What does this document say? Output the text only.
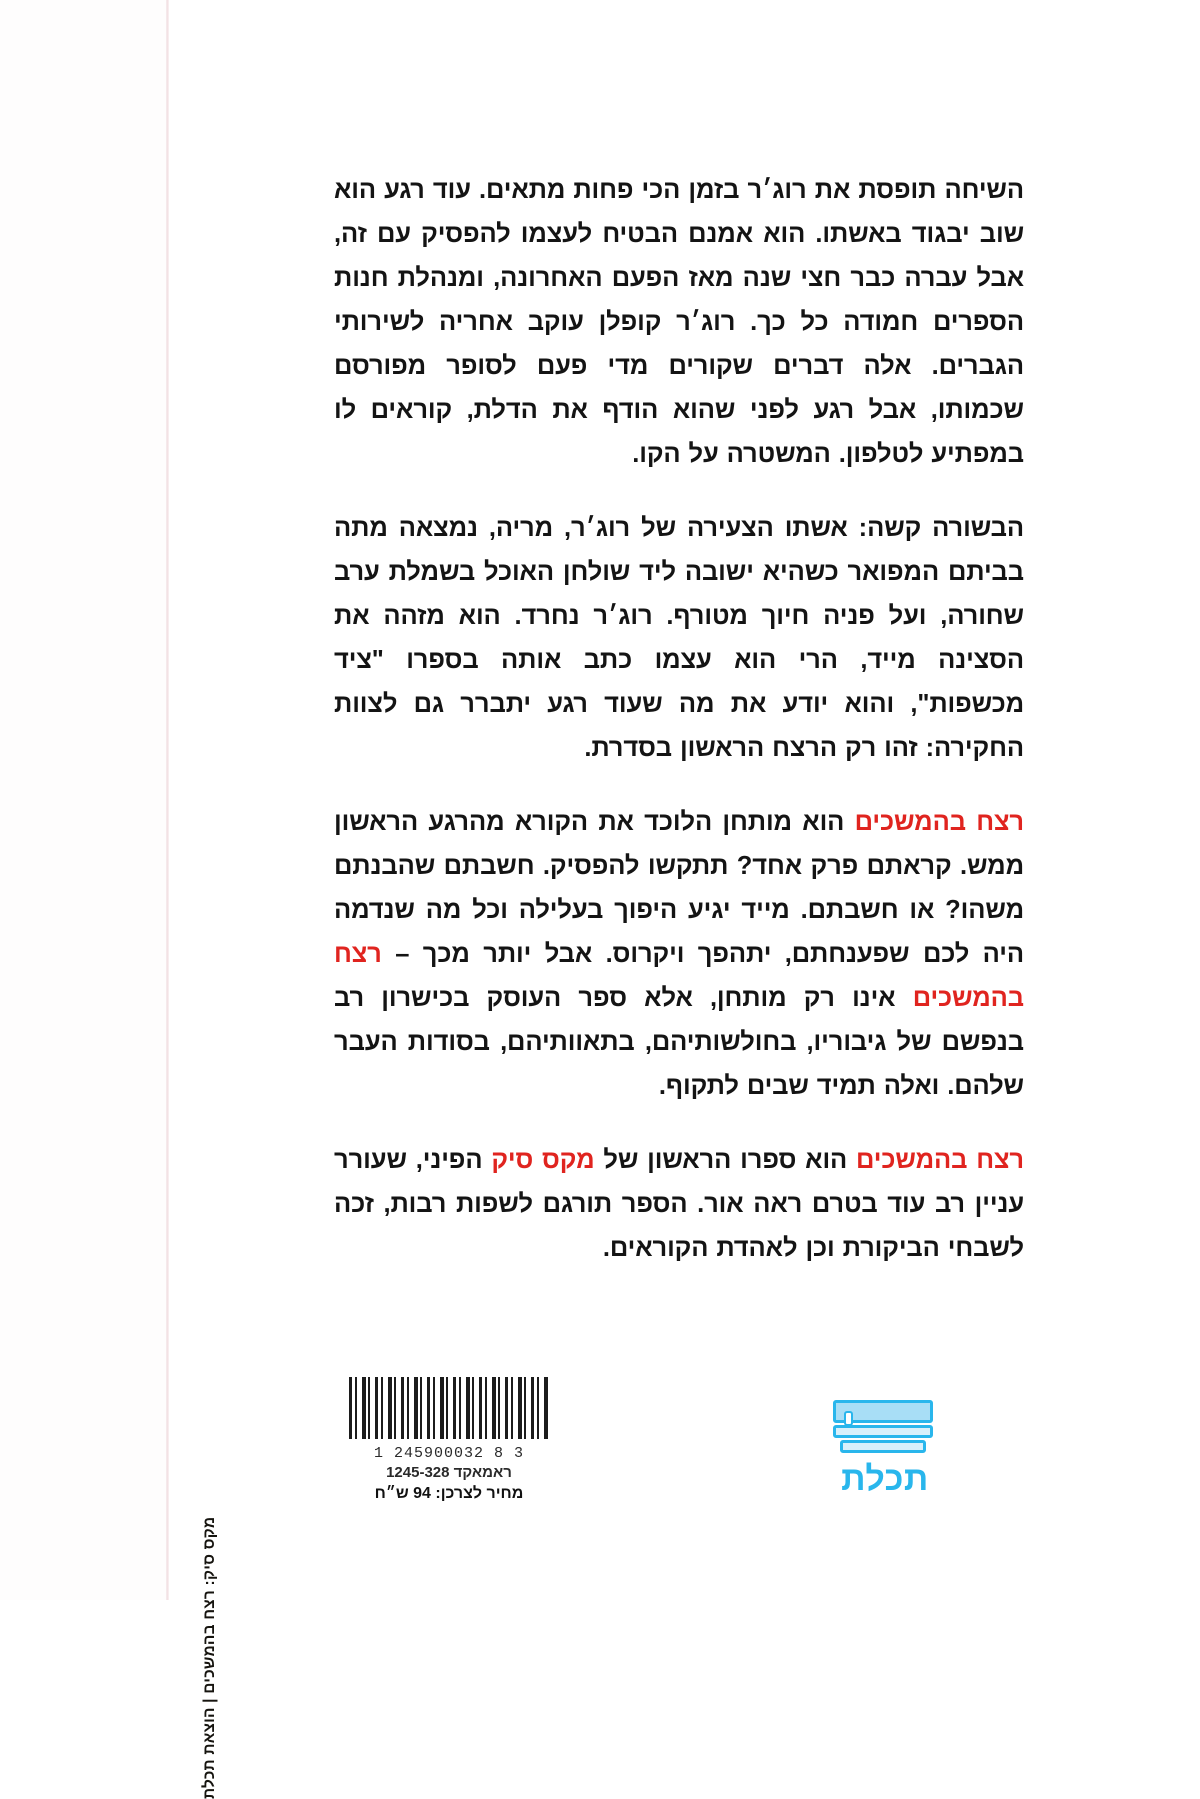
מקס סיק: רצח בהמשכים | הוצאת תכלת

השיחה תופסת את רוג׳ר בזמן הכי פחות מתאים. עוד רגע הוא שוב יבגוד באשתו. הוא אמנם הבטיח לעצמו להפסיק עם זה, אבל עברה כבר חצי שנה מאז הפעם האחרונה, ומנהלת חנות הספרים חמודה כל כך. רוג׳ר קופלן עוקב אחריה לשירותי הגברים. אלה דברים שקורים מדי פעם לסופר מפורסם שכמותו, אבל רגע לפני שהוא הודף את הדלת, קוראים לו במפתיע לטלפון. המשטרה על הקו.

הבשורה קשה: אשתו הצעירה של רוג׳ר, מריה, נמצאה מתה בביתם המפואר כשהיא ישובה ליד שולחן האוכל בשמלת ערב שחורה, ועל פניה חיוך מטורף. רוג׳ר נחרד. הוא מזהה את הסצינה מייד, הרי הוא עצמו כתב אותה בספרו "ציד מכשפות", והוא יודע את מה שעוד רגע יתברר גם לצוות החקירה: זהו רק הרצח הראשון בסדרת.

רצח בהמשכים הוא מותחן הלוכד את הקורא מהרגע הראשון ממש. קראתם פרק אחד? תתקשו להפסיק. חשבתם שהבנתם משהו? או חשבתם. מייד יגיע היפוך בעלילה וכל מה שנדמה היה לכם שפענחתם, יתהפך ויקרוס. אבל יותר מכך – רצח בהמשכים אינו רק מותחן, אלא ספר העוסק בכישרון רב בנפשם של גיבוריו, בחולשותיהם, בתאוותיהם, בסודות העבר שלהם. ואלה תמיד שבים לתקוף.

רצח בהמשכים הוא ספרו הראשון של מקס סיק הפיני, שעורר עניין רב עוד בטרם ראה אור. הספר תורגם לשפות רבות, זכה לשבחי הביקורת וכן לאהדת הקוראים.

תכלת
1 245900032 8 3
ראמאקד 1245-328
מחיר לצרכן: 94 ש״ח
